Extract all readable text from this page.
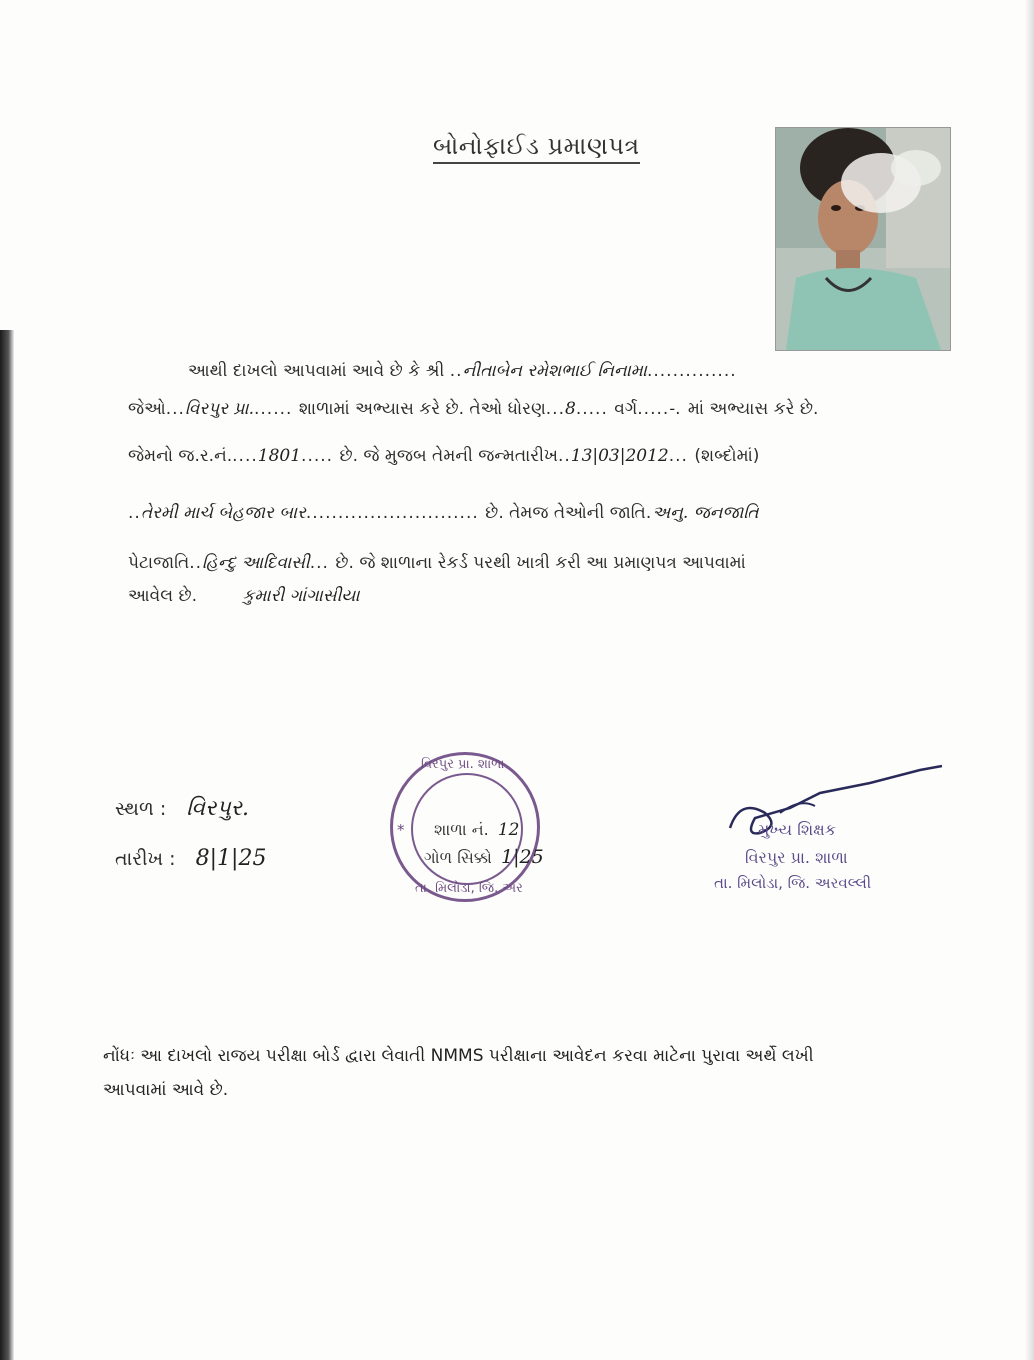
બોનોફાઈડ પ્રમાણપત્ર
આથી દાખલો આપવામાં આવે છે કે શ્રી ..નીતાબેન રમેશભાઈ નિનામા..............
જેઓ...વિરપુર પ્રા....... શાળામાં અભ્યાસ કરે છે. તેઓ ધોરણ...8..... વર્ગ.....-. માં અભ્યાસ કરે છે.
જેમનો જ.ર.નં.....1801..... છે. જે મુજબ તેમની જન્મતારીખ..13|03|2012... (શબ્દોમાં)
..તેરમી માર્ચ બેહજાર બાર........................... છે. તેમજ તેઓની જાતિ.અનુ. જનજાતિ
પેટાજાતિ..હિન્દુ આદિવાસી... છે. જે શાળાના રેકર્ડ પરથી ખાત્રી કરી આ પ્રમાણપત્ર આપવામાં
આવેલ છે.	કુમારી ગાંગાસીયા
સ્થળ : વિરપુર.
તારીખ : 8|1|25
વિરપુર પ્રા. શાળા
તા. મિલોડા, જિ. અર
* શાળા નં. 12
ગોળ સિક્કો 1|25
મુખ્ય શિક્ષક
વિરપુર પ્રા. શાળા
તા. મિલોડા, જિ. અરવલ્લી
નોંધઃ આ દાખલો રાજય પરીક્ષા બોર્ડ દ્વારા લેવાતી NMMS પરીક્ષાના આવેદન કરવા માટેના પુરાવા અર્થે લખી
આપવામાં આવે છે.
